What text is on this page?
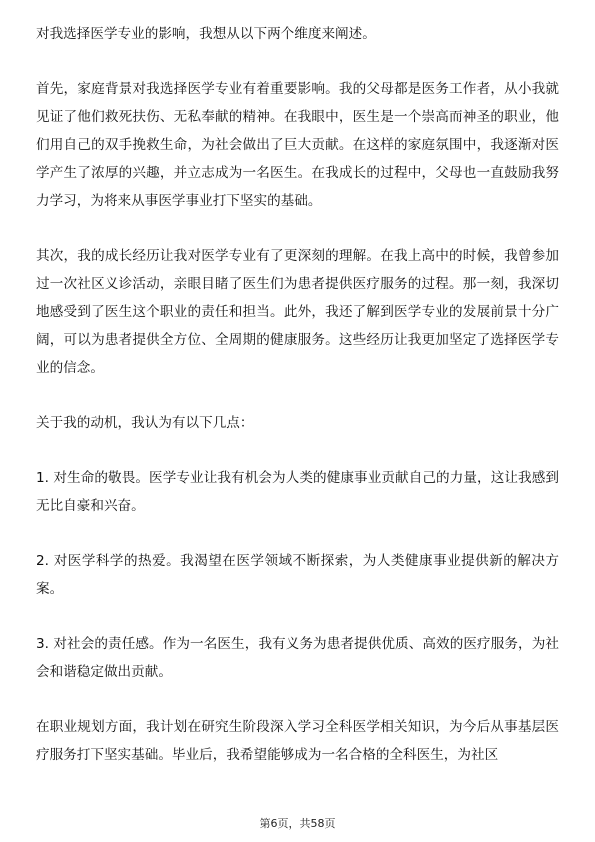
对我选择医学专业的影响，我想从以下两个维度来阐述。

首先，家庭背景对我选择医学专业有着重要影响。我的父母都是医务工作者，从小我就见证了他们救死扶伤、无私奉献的精神。在我眼中，医生是一个崇高而神圣的职业，他们用自己的双手挽救生命，为社会做出了巨大贡献。在这样的家庭氛围中，我逐渐对医学产生了浓厚的兴趣，并立志成为一名医生。在我成长的过程中，父母也一直鼓励我努力学习，为将来从事医学事业打下坚实的基础。

其次，我的成长经历让我对医学专业有了更深刻的理解。在我上高中的时候，我曾参加过一次社区义诊活动，亲眼目睹了医生们为患者提供医疗服务的过程。那一刻，我深切地感受到了医生这个职业的责任和担当。此外，我还了解到医学专业的发展前景十分广阔，可以为患者提供全方位、全周期的健康服务。这些经历让我更加坚定了选择医学专业的信念。

关于我的动机，我认为有以下几点：

1. 对生命的敬畏。医学专业让我有机会为人类的健康事业贡献自己的力量，这让我感到无比自豪和兴奋。

2. 对医学科学的热爱。我渴望在医学领域不断探索，为人类健康事业提供新的解决方案。

3. 对社会的责任感。作为一名医生，我有义务为患者提供优质、高效的医疗服务，为社会和谐稳定做出贡献。

在职业规划方面，我计划在研究生阶段深入学习全科医学相关知识，为今后从事基层医疗服务打下坚实基础。毕业后，我希望能够成为一名合格的全科医生，为社区

第6页，共58页
